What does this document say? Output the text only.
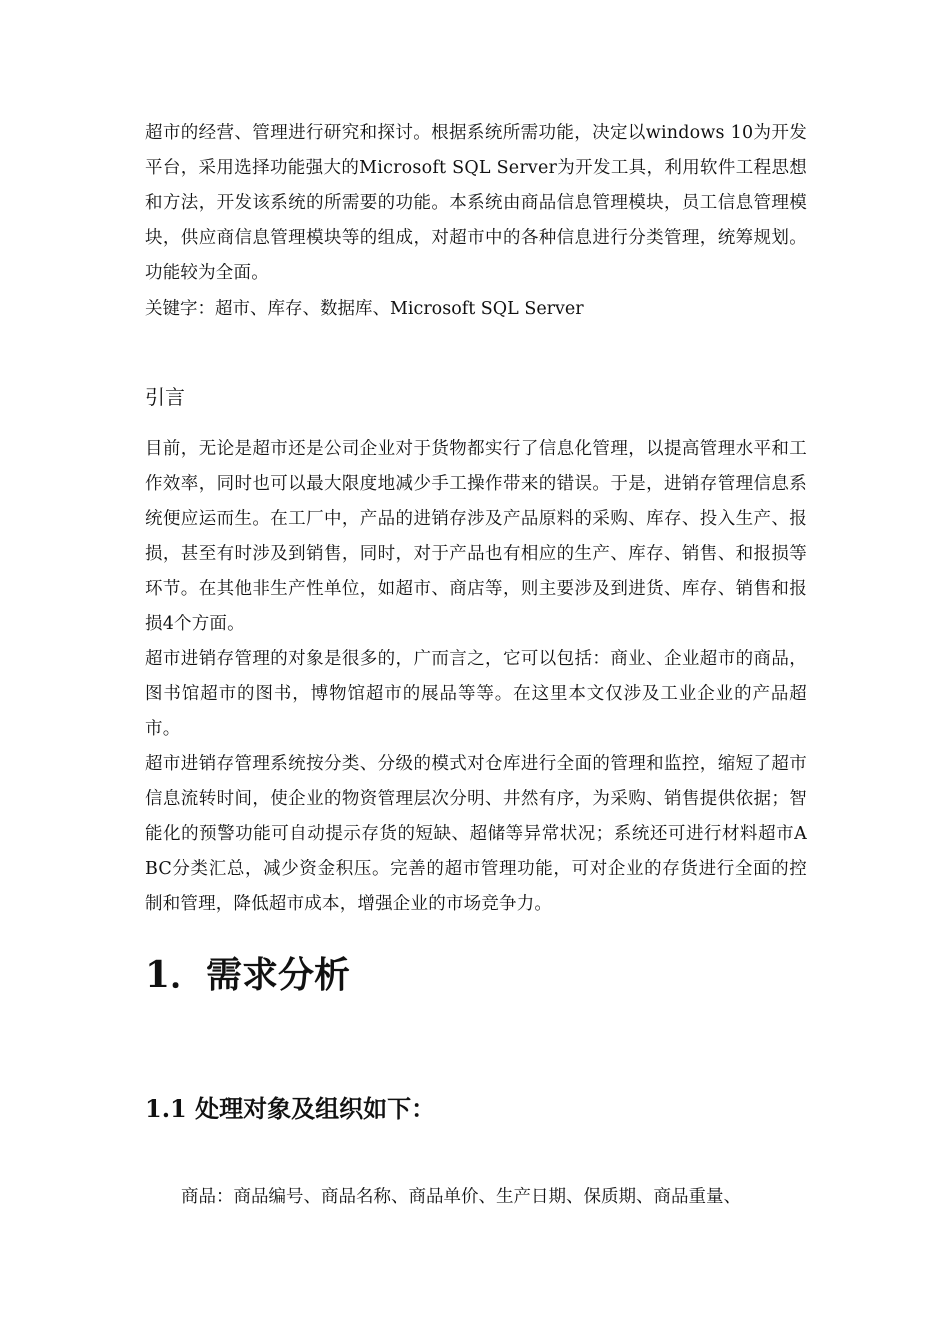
超市的经营、管理进行研究和探讨。根据系统所需功能，决定以windows 10为开发平台，采用选择功能强大的Microsoft SQL Server为开发工具，利用软件工程思想和方法，开发该系统的所需要的功能。本系统由商品信息管理模块，员工信息管理模块，供应商信息管理模块等的组成，对超市中的各种信息进行分类管理，统筹规划。功能较为全面。

关键字：超市、库存、数据库、Microsoft SQL Server

引言

目前，无论是超市还是公司企业对于货物都实行了信息化管理，以提高管理水平和工作效率，同时也可以最大限度地减少手工操作带来的错误。于是，进销存管理信息系统便应运而生。在工厂中，产品的进销存涉及产品原料的采购、库存、投入生产、报损，甚至有时涉及到销售，同时，对于产品也有相应的生产、库存、销售、和报损等环节。在其他非生产性单位，如超市、商店等，则主要涉及到进货、库存、销售和报损4个方面。

超市进销存管理的对象是很多的，广而言之，它可以包括：商业、企业超市的商品，图书馆超市的图书，博物馆超市的展品等等。在这里本文仅涉及工业企业的产品超市。

超市进销存管理系统按分类、分级的模式对仓库进行全面的管理和监控，缩短了超市信息流转时间，使企业的物资管理层次分明、井然有序，为采购、销售提供依据；智能化的预警功能可自动提示存货的短缺、超储等异常状况；系统还可进行材料超市ABC分类汇总，减少资金积压。完善的超市管理功能，可对企业的存货进行全面的控制和管理，降低超市成本，增强企业的市场竞争力。

1．需求分析
1.1 处理对象及组织如下：

商品：商品编号、商品名称、商品单价、生产日期、保质期、商品重量、
